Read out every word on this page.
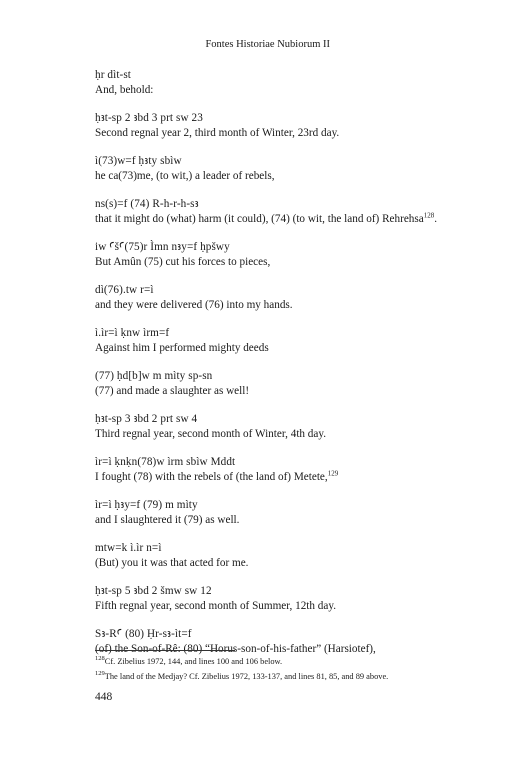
Fontes Historiae Nubiorum II

ḥr dìt-st

And, behold:

ḥꜣt-sp 2 ꜣbd 3 prt sw 23

Second regnal year 2, third month of Winter, 23rd day.

ì(73)w=f ḥꜣty sbìw

he ca(73)me, (to wit,) a leader of rebels,

ns(s)=f (74) R-h-r-h-sꜣ

that it might do (what) harm (it could), (74) (to wit, the land of) Rehrehsa$^{128}$.

iw ꜤšꜤ(75)r Ìmn nꜣy=f ḥpšwy

But Amûn (75) cut his forces to pieces,

dì(76).tw r=ì

and they were delivered (76) into my hands.

ì.ìr=ì ḳnw ìrm=f

Against him I performed mighty deeds

(77) ḥd[b]w m mìty sp-sn

(77) and made a slaughter as well!

ḥꜣt-sp 3 ꜣbd 2 prt sw 4

Third regnal year, second month of Winter, 4th day.

ìr=ì ḳnḳn(78)w ìrm sbìw Mddt

I fought (78) with the rebels of (the land of) Metete,$^{129}$

ìr=ì ḥꜣy=f (79) m mìty

and I slaughtered it (79) as well.

mtw=k ì.ìr n=ì

(But) you it was that acted for me.

ḥꜣt-sp 5 ꜣbd 2 šmw sw 12

Fifth regnal year, second month of Summer, 12th day.

Sꜣ-RꜤ (80) Ḥr-sꜣ-ìt=f

(of) the Son-of-Rê: (80) “Horus-son-of-his-father” (Harsiotef),

$^{128}$Cf. Zibelius 1972, 144, and lines 100 and 106 below.

$^{129}$The land of the Medjay? Cf. Zibelius 1972, 133-137, and lines 81, 85, and 89 above.

448
